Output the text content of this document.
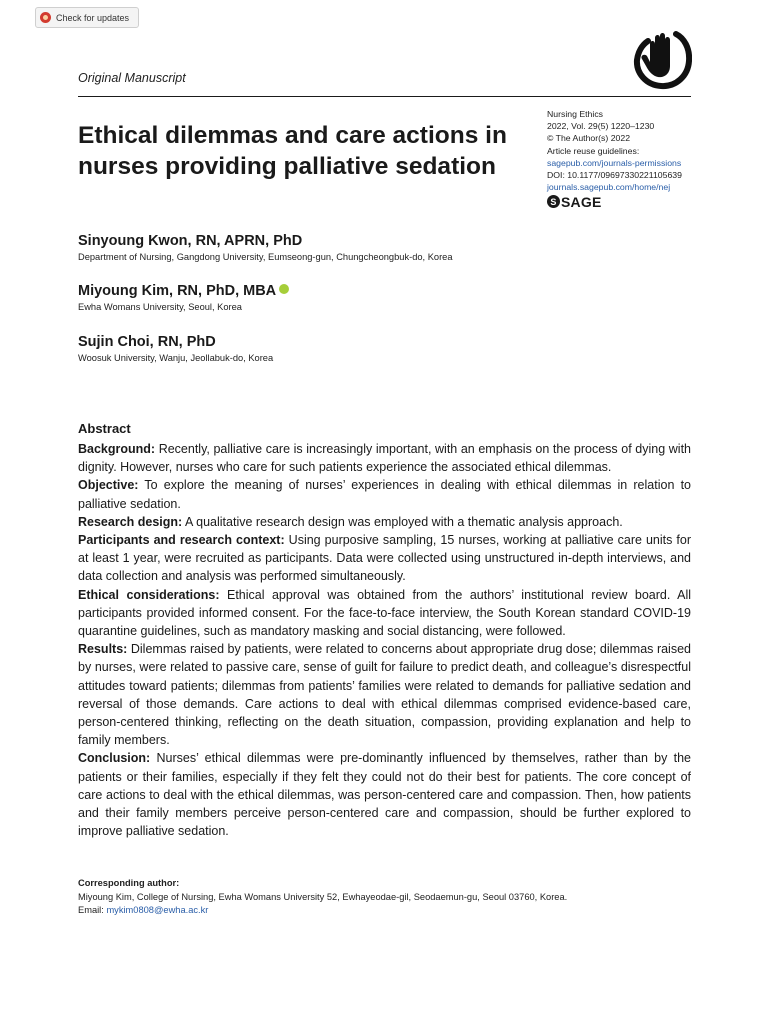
Check for updates
Original Manuscript
Ethical dilemmas and care actions in nurses providing palliative sedation
Nursing Ethics
2022, Vol. 29(5) 1220–1230
© The Author(s) 2022
Article reuse guidelines:
sagepub.com/journals-permissions
DOI: 10.1177/09697330221105639
journals.sagepub.com/home/nej
S SAGE
Sinyoung Kwon, RN, APRN, PhD
Department of Nursing, Gangdong University, Eumseong-gun, Chungcheongbuk-do, Korea
Miyoung Kim, RN, PhD, MBA
Ewha Womans University, Seoul, Korea
Sujin Choi, RN, PhD
Woosuk University, Wanju, Jeollabuk-do, Korea
Abstract

Background: Recently, palliative care is increasingly important, with an emphasis on the process of dying with dignity. However, nurses who care for such patients experience the associated ethical dilemmas.

Objective: To explore the meaning of nurses’ experiences in dealing with ethical dilemmas in relation to palliative sedation.

Research design: A qualitative research design was employed with a thematic analysis approach.

Participants and research context: Using purposive sampling, 15 nurses, working at palliative care units for at least 1 year, were recruited as participants. Data were collected using unstructured in-depth interviews, and data collection and analysis was performed simultaneously.

Ethical considerations: Ethical approval was obtained from the authors’ institutional review board. All participants provided informed consent. For the face-to-face interview, the South Korean standard COVID-19 quarantine guidelines, such as mandatory masking and social distancing, were followed.

Results: Dilemmas raised by patients, were related to concerns about appropriate drug dose; dilemmas raised by nurses, were related to passive care, sense of guilt for failure to predict death, and colleague’s disrespectful attitudes toward patients; dilemmas from patients’ families were related to demands for palliative sedation and reversal of those demands. Care actions to deal with ethical dilemmas comprised evidence-based care, person-centered thinking, reflecting on the death situation, compassion, providing explanation and help to family members.

Conclusion: Nurses’ ethical dilemmas were pre-dominantly influenced by themselves, rather than by the patients or their families, especially if they felt they could not do their best for patients. The core concept of care actions to deal with the ethical dilemmas, was person-centered care and compassion. Then, how patients and their family members perceive person-centered care and compassion, should be further explored to improve palliative sedation.

Corresponding author:
Miyoung Kim, College of Nursing, Ewha Womans University 52, Ewhayeodae-gil, Seodaemun-gu, Seoul 03760, Korea.
Email: mykim0808@ewha.ac.kr
